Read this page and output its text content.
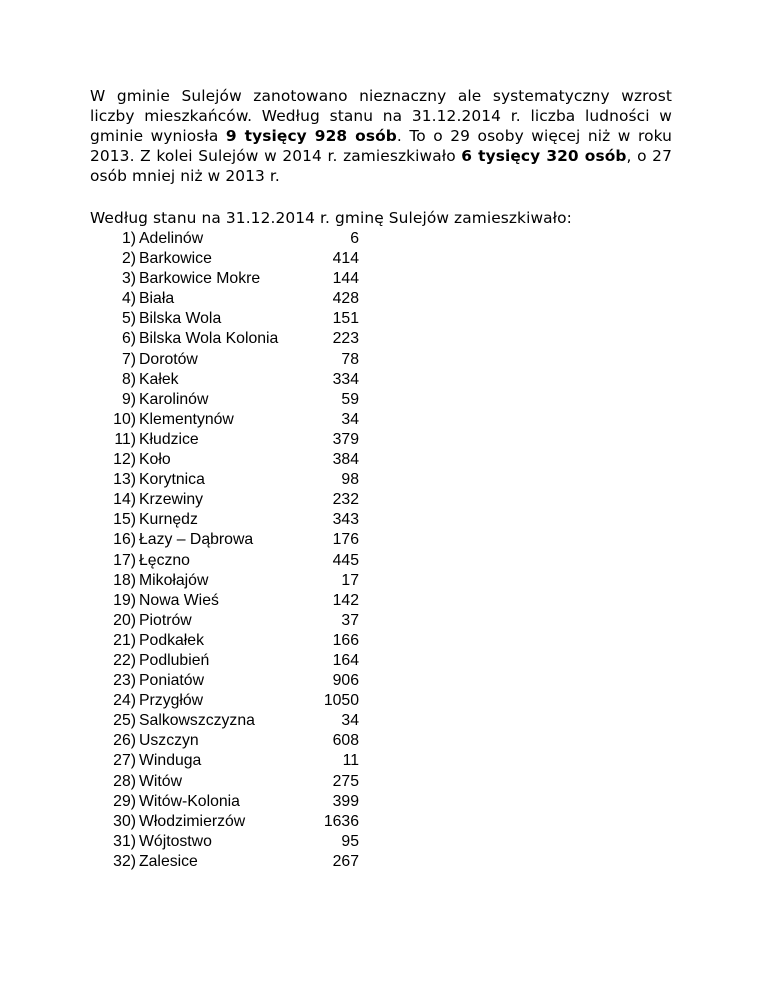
W gminie Sulejów zanotowano nieznaczny ale systematyczny wzrost liczby mieszkańców. Według stanu na 31.12.2014 r. liczba ludności w gminie wyniosła 9 tysięcy 928 osób. To o 29 osoby więcej niż w roku 2013. Z kolei Sulejów w 2014 r. zamieszkiwało 6 tysięcy 320 osób, o 27 osób mniej niż w 2013 r.

Według stanu na 31.12.2014 r. gminę Sulejów zamieszkiwało:

1) Adelinów	6
2) Barkowice	414
3) Barkowice Mokre	144
4) Biała	428
5) Bilska Wola	151
6) Bilska Wola Kolonia	223
7) Dorotów	78
8) Kałek	334
9) Karolinów	59
10) Klementynów	34
11) Kłudzice	379
12) Koło	384
13) Korytnica	98
14) Krzewiny	232
15) Kurnędz	343
16) Łazy – Dąbrowa	176
17) Łęczno	445
18) Mikołajów	17
19) Nowa Wieś	142
20) Piotrów	37
21) Podkałek	166
22) Podlubień	164
23) Poniatów	906
24) Przygłów	1050
25) Salkowszczyzna	34
26) Uszczyn	608
27) Winduga	11
28) Witów	275
29) Witów-Kolonia	399
30) Włodzimierzów	1636
31) Wójtostwo	95
32) Zalesice	267
